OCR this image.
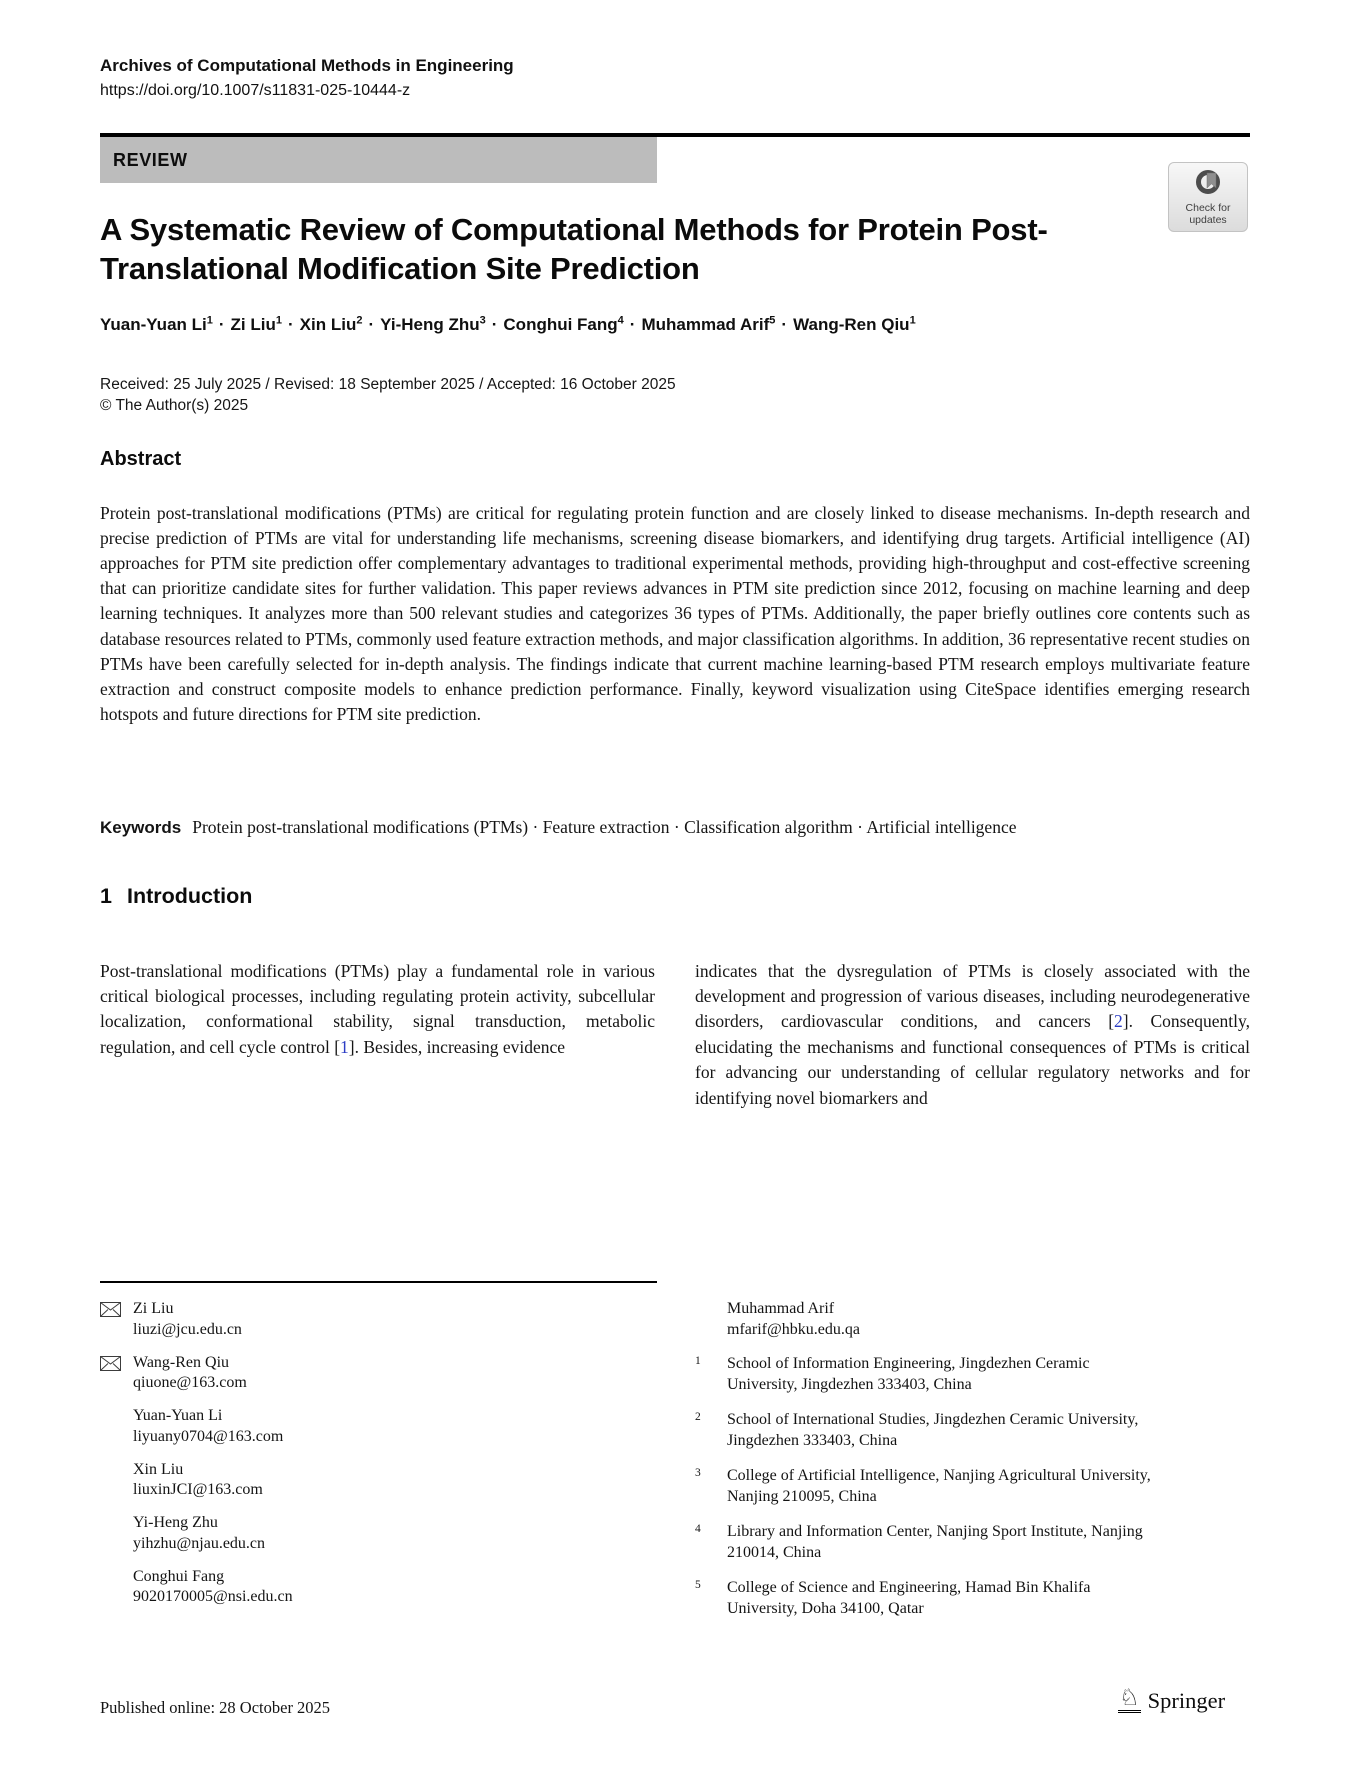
Archives of Computational Methods in Engineering
https://doi.org/10.1007/s11831-025-10444-z
REVIEW
Check for
updates
A Systematic Review of Computational Methods for Protein Post-
Translational Modification Site Prediction
Yuan-Yuan $Li^1 \cdot Zi$ Liu$^1$ · Xin Liu$^2$ · Yi-Heng Zhu$^3$ · Conghui Fang$^4$ · Muhammad Arif$^5$ · Wang-Ren Qiu$^1$
Received: 25 July 2025 / Revised: 18 September 2025 / Accepted: 16 October 2025
© The Author(s) 2025
Abstract

Protein post-translational modifications (PTMs) are critical for regulating protein function and are closely linked to disease mechanisms. In-depth research and precise prediction of PTMs are vital for understanding life mechanisms, screening disease biomarkers, and identifying drug targets. Artificial intelligence (AI) approaches for PTM site prediction offer complementary advantages to traditional experimental methods, providing high-throughput and cost-effective screening that can prioritize candidate sites for further validation. This paper reviews advances in PTM site prediction since 2012, focusing on machine learning and deep learning techniques. It analyzes more than 500 relevant studies and categorizes 36 types of PTMs. Additionally, the paper briefly outlines core contents such as database resources related to PTMs, commonly used feature extraction methods, and major classification algorithms. In addition, 36 representative recent studies on PTMs have been carefully selected for in-depth analysis. The findings indicate that current machine learning-based PTM research employs multivariate feature extraction and construct composite models to enhance prediction performance. Finally, keyword visualization using CiteSpace identifies emerging research hotspots and future directions for PTM site prediction.

Keywords Protein post-translational modifications (PTMs) · Feature extraction · Classification algorithm · Artificial intelligence

1 Introduction

Post-translational modifications (PTMs) play a fundamental role in various critical biological processes, including regulating protein activity, subcellular localization, conformational stability, signal transduction, metabolic regulation, and cell cycle control [1]. Besides, increasing evidence

indicates that the dysregulation of PTMs is closely associated with the development and progression of various diseases, including neurodegenerative disorders, cardiovascular conditions, and cancers [2]. Consequently, elucidating the mechanisms and functional consequences of PTMs is critical for advancing our understanding of cellular regulatory networks and for identifying novel biomarkers and

Zi Liu
liuzi@jcu.edu.cn
Wang-Ren Qiu
qiuone@163.com
Yuan-Yuan Li
liyuany0704@163.com
Xin Liu
liuxinJCI@163.com
Yi-Heng Zhu
yihzhu@njau.edu.cn
Conghui Fang
9020170005@nsi.edu.cn
Muhammad Arif
mfarif@hbku.edu.qa
1	School of Information Engineering, Jingdezhen Ceramic University, Jingdezhen 333403, China
2	School of International Studies, Jingdezhen Ceramic University, Jingdezhen 333403, China
3	College of Artificial Intelligence, Nanjing Agricultural University, Nanjing 210095, China
4	Library and Information Center, Nanjing Sport Institute, Nanjing 210014, China
5	College of Science and Engineering, Hamad Bin Khalifa University, Doha 34100, Qatar
Published online: 28 October 2025	♘ Springer
